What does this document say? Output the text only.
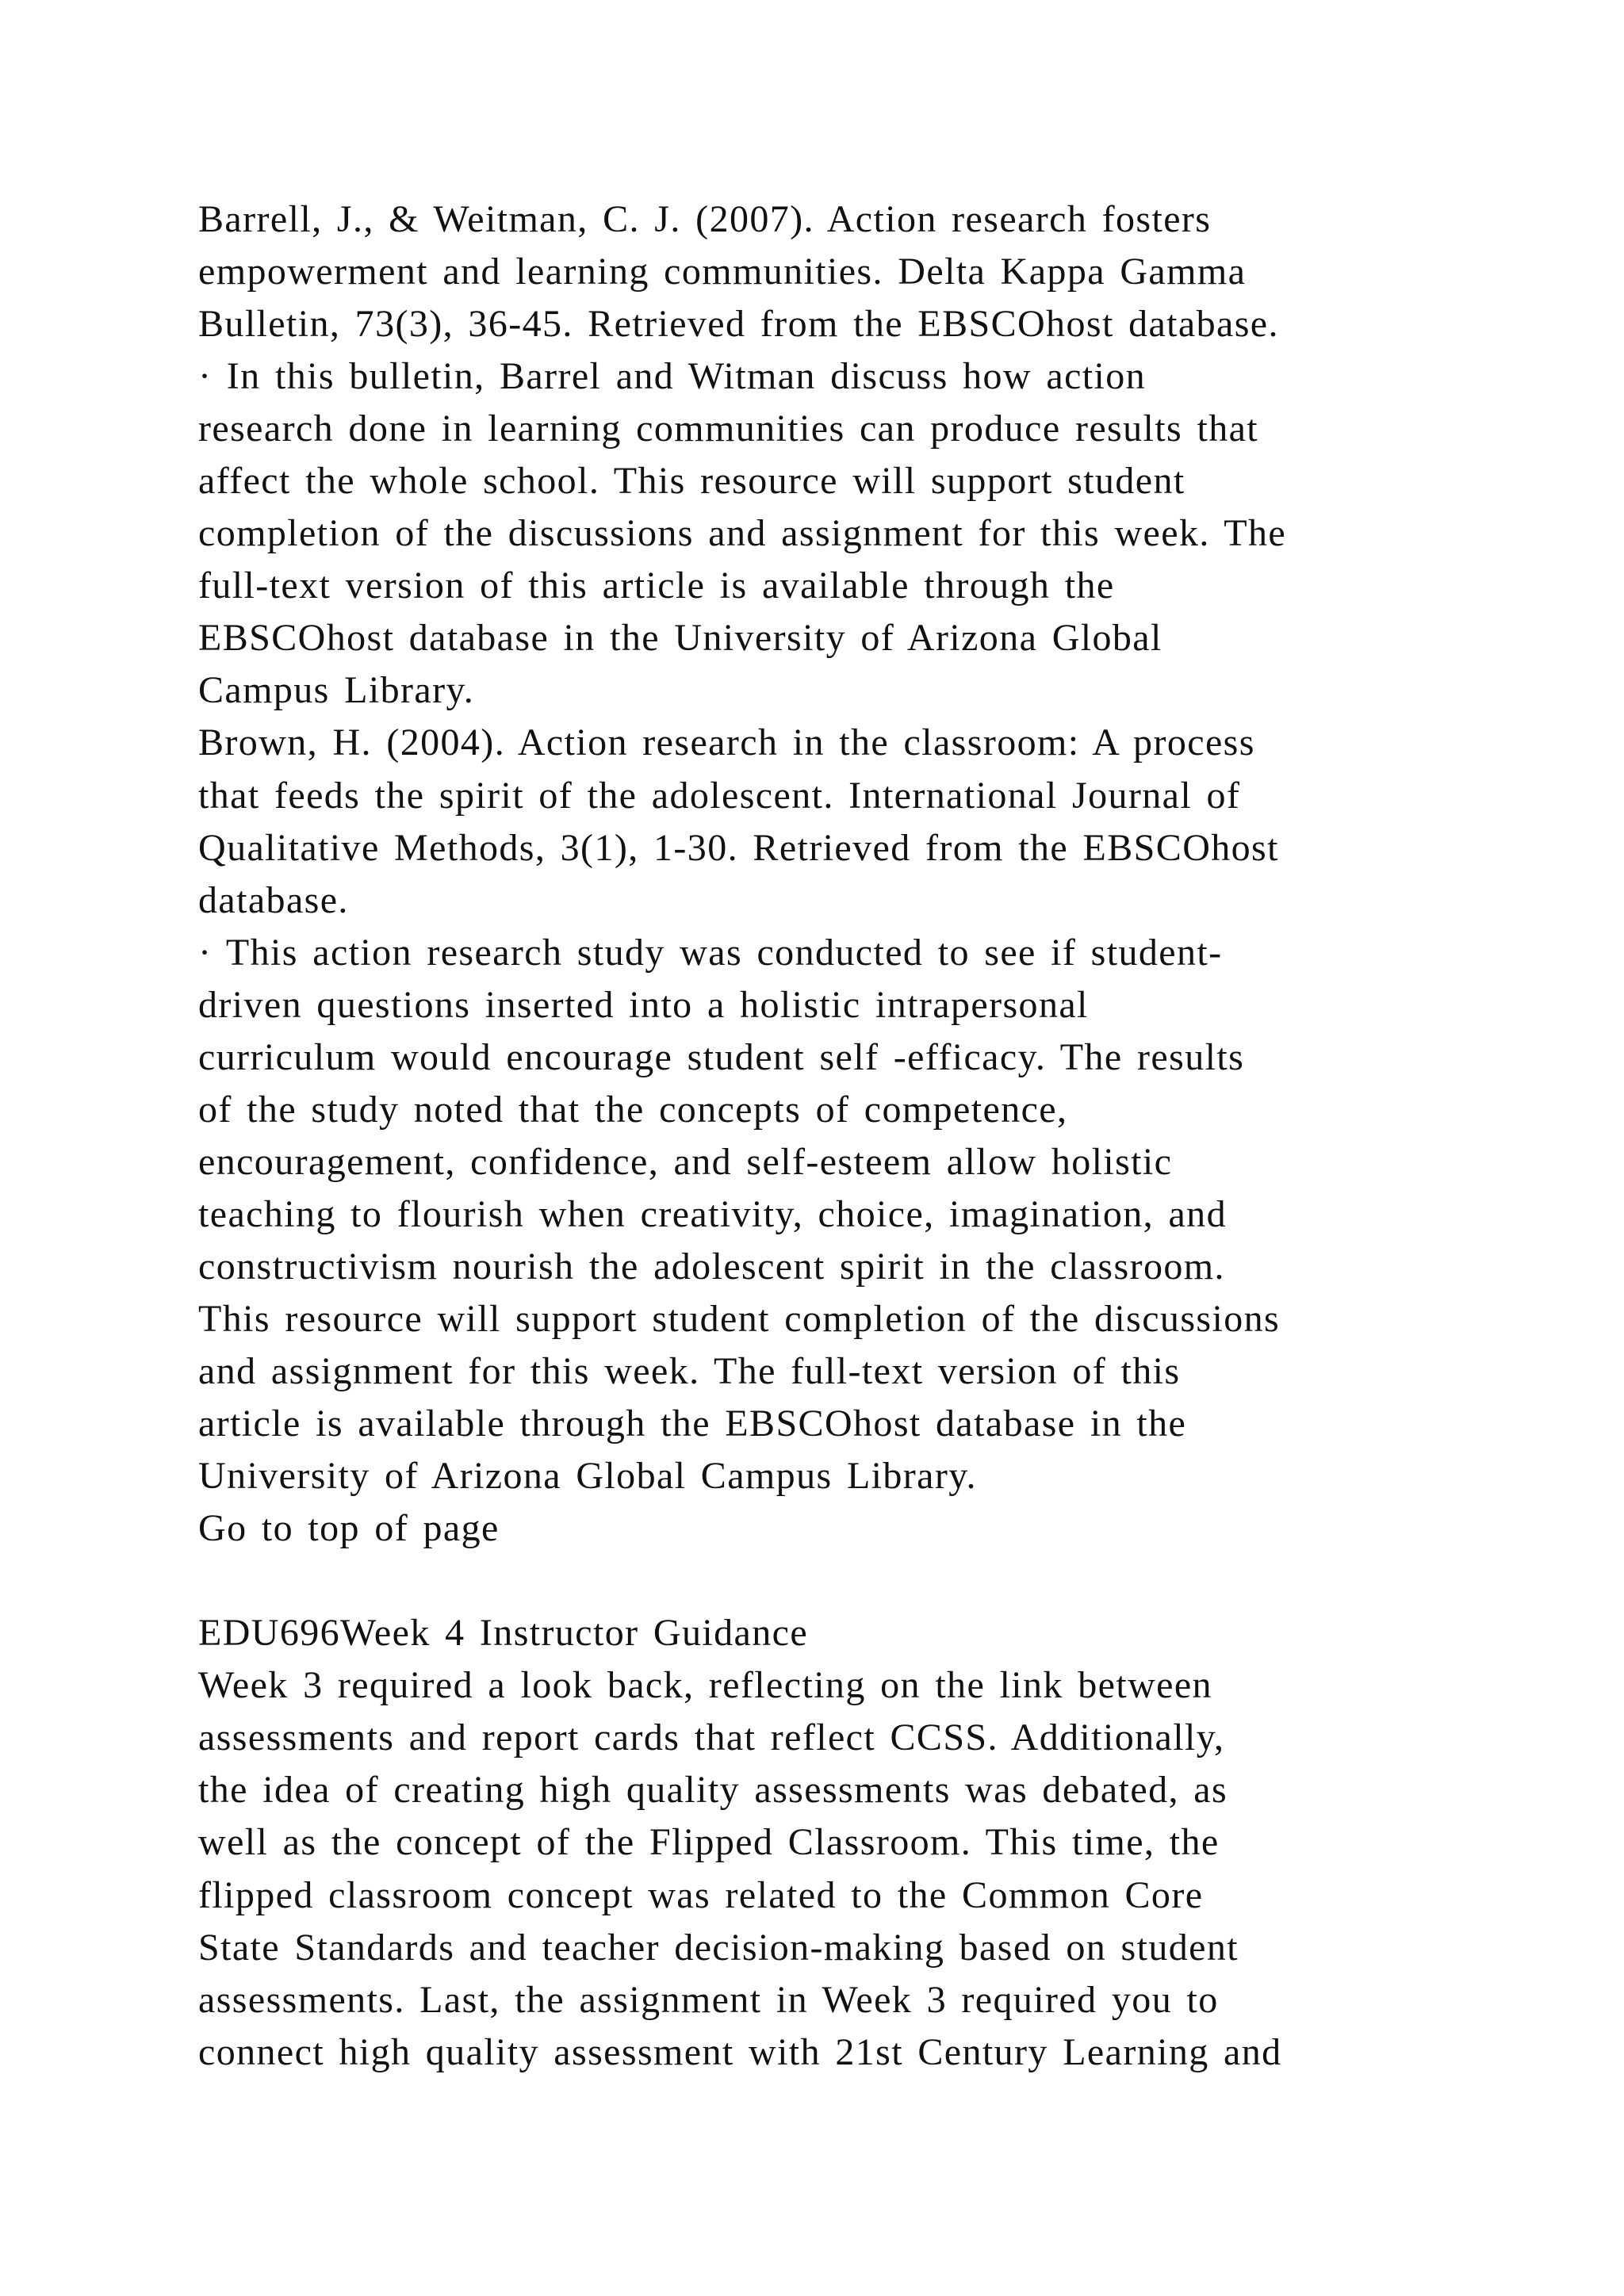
Barrell, J., & Weitman, C. J. (2007). Action research fosters
empowerment and learning communities. Delta Kappa Gamma
Bulletin, 73(3), 36-45. Retrieved from the EBSCOhost database.
· In this bulletin, Barrel and Witman discuss how action
research done in learning communities can produce results that
affect the whole school. This resource will support student
completion of the discussions and assignment for this week. The
full-text version of this article is available through the
EBSCOhost database in the University of Arizona Global
Campus Library.
Brown, H. (2004). Action research in the classroom: A process
that feeds the spirit of the adolescent. International Journal of
Qualitative Methods, 3(1), 1-30. Retrieved from the EBSCOhost
database.
· This action research study was conducted to see if student-
driven questions inserted into a holistic intrapersonal
curriculum would encourage student self -efficacy. The results
of the study noted that the concepts of competence,
encouragement, confidence, and self-esteem allow holistic
teaching to flourish when creativity, choice, imagination, and
constructivism nourish the adolescent spirit in the classroom.
This resource will support student completion of the discussions
and assignment for this week. The full-text version of this
article is available through the EBSCOhost database in the
University of Arizona Global Campus Library.
Go to top of page
EDU696Week 4 Instructor Guidance
Week 3 required a look back, reflecting on the link between
assessments and report cards that reflect CCSS. Additionally,
the idea of creating high quality assessments was debated, as
well as the concept of the Flipped Classroom. This time, the
flipped classroom concept was related to the Common Core
State Standards and teacher decision-making based on student
assessments. Last, the assignment in Week 3 required you to
connect high quality assessment with 21st Century Learning and
